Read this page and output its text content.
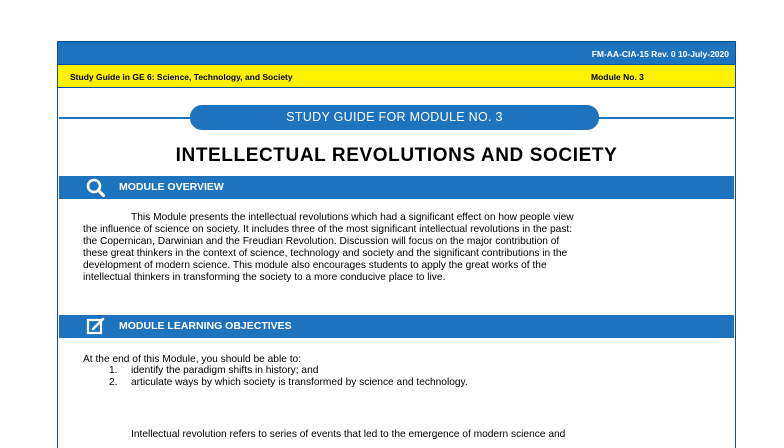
FM-AA-CIA-15 Rev. 0 10-July-2020
Study Guide in GE 6: Science, Technology, and Society	Module No. 3
STUDY GUIDE FOR MODULE NO. 3
INTELLECTUAL REVOLUTIONS AND SOCIETY
MODULE OVERVIEW
This Module presents the intellectual revolutions which had a significant effect on how people view
the influence of science on society. It includes three of the most significant intellectual revolutions in the past:
the Copernican, Darwinian and the Freudian Revolution. Discussion will focus on the major contribution of
these great thinkers in the context of science, technology and society and the significant contributions in the
development of modern science. This module also encourages students to apply the great works of the
intellectual thinkers in transforming the society to a more conducive place to live.
MODULE LEARNING OBJECTIVES
At the end of this Module, you should be able to:
1. identify the paradigm shifts in history; and
2. articulate ways by which society is transformed by science and technology.
Intellectual revolution refers to series of events that led to the emergence of modern science and
